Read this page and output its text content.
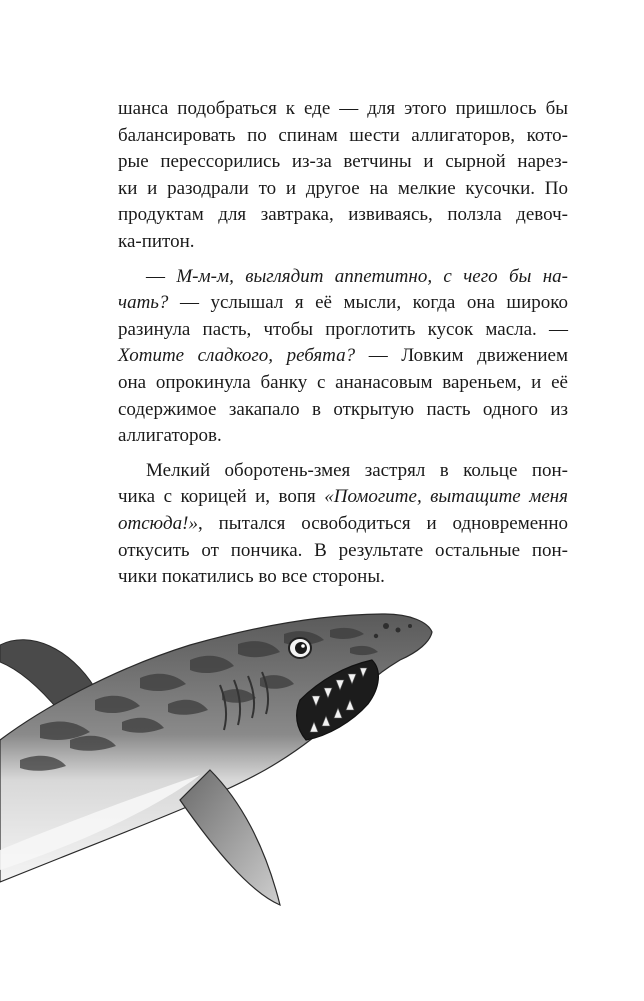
шанса подобраться к еде — для этого пришлось бы
балансировать по спинам шести аллигаторов, кото-
рые перессорились из-за ветчины и сырной нарез-
ки и разодрали то и другое на мелкие кусочки. По
продуктам для завтрака, извиваясь, ползла девоч-
ка-питон.
— М-м-м, выглядит аппетитно, с чего бы на-
чать? — услышал я её мысли, когда она широко
разинула пасть, чтобы проглотить кусок масла. —
Хотите сладкого, ребята? — Ловким движением
она опрокинула банку с ананасовым вареньем, и её
содержимое закапало в открытую пасть одного из
аллигаторов.
Мелкий оборотень-змея застрял в кольце пон-
чика с корицей и, вопя «Помогите, вытащите меня
отсюда!», пытался освободиться и одновременно
откусить от пончика. В результате остальные пон-
чики покатились во все стороны.
